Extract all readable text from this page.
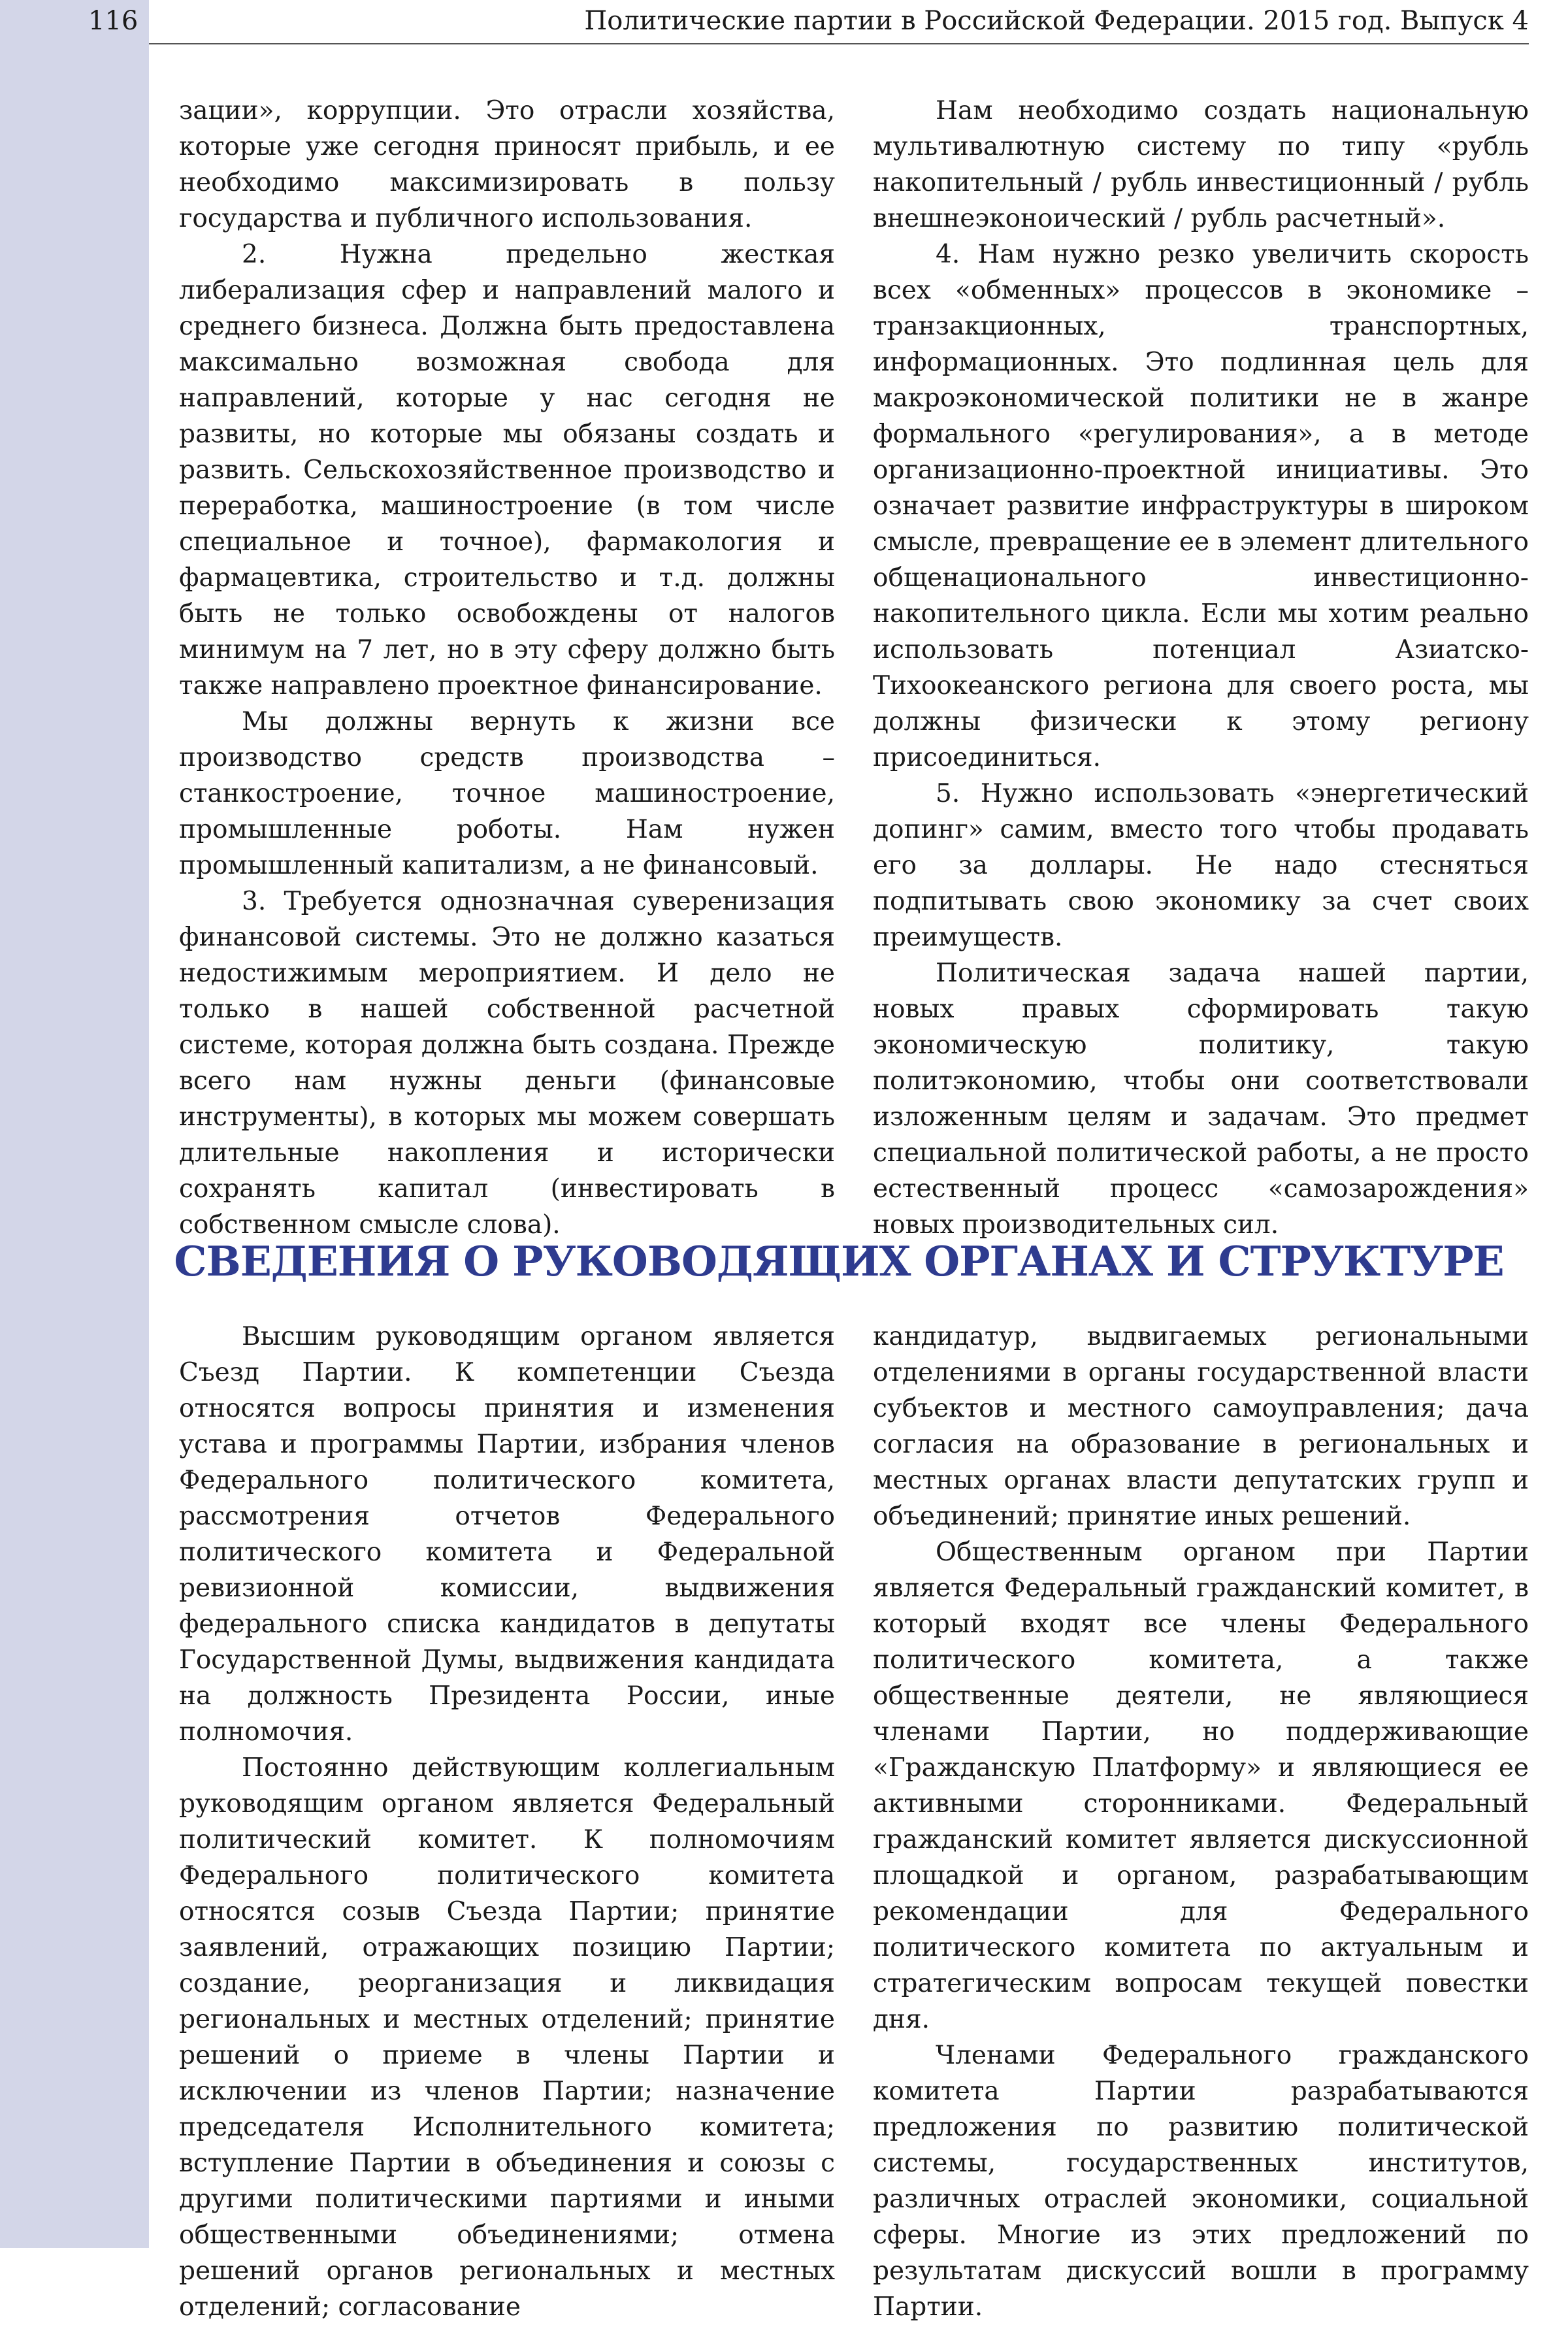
116	Политические партии в Российской Федерации. 2015 год. Выпуск 4

зации», коррупции. Это отрасли хозяйства, которые уже сегодня приносят прибыль, и ее необходимо максимизировать в пользу государства и публичного использования.

2. Нужна предельно жесткая либерализация сфер и направлений малого и среднего бизнеса. Должна быть предоставлена максимально возможная свобода для направлений, которые у нас сегодня не развиты, но которые мы обязаны создать и развить. Сельскохозяйственное производство и переработка, машиностроение (в том числе специальное и точное), фармакология и фармацевтика, строительство и т.д. должны быть не только освобождены от налогов минимум на 7 лет, но в эту сферу должно быть также направлено проектное финансирование.

Мы должны вернуть к жизни все производство средств производства – станкостроение, точное машиностроение, промышленные роботы. Нам нужен промышленный капитализм, а не финансовый.

3. Требуется однозначная суверенизация финансовой системы. Это не должно казаться недостижимым мероприятием. И дело не только в нашей собственной расчетной системе, которая должна быть создана. Прежде всего нам нужны деньги (финансовые инструменты), в которых мы можем совершать длительные накопления и исторически сохранять капитал (инвестировать в собственном смысле слова).

Нам необходимо создать национальную мультивалютную систему по типу «рубль накопительный / рубль инвестиционный / рубль внешнеэконоический / рубль расчетный».

4. Нам нужно резко увеличить скорость всех «обменных» процессов в экономике – транзакционных, транспортных, информационных. Это подлинная цель для макроэкономической политики не в жанре формального «регулирования», а в методе организационно-проектной инициативы. Это означает развитие инфраструктуры в широком смысле, превращение ее в элемент длительного общенационального инвестиционно-накопительного цикла. Если мы хотим реально использовать потенциал Азиатско-Тихоокеанского региона для своего роста, мы должны физически к этому региону присоединиться.

5. Нужно использовать «энергетический допинг» самим, вместо того чтобы продавать его за доллары. Не надо стесняться подпитывать свою экономику за счет своих преимуществ.

Политическая задача нашей партии, новых правых сформировать такую экономическую политику, такую политэкономию, чтобы они соответствовали изложенным целям и задачам. Это предмет специальной политической работы, а не просто естественный процесс «самозарождения» новых производительных сил.

СВЕДЕНИЯ О РУКОВОДЯЩИХ ОРГАНАХ И СТРУКТУРЕ

Высшим руководящим органом является Съезд Партии. К компетенции Съезда относятся вопросы принятия и изменения устава и программы Партии, избрания членов Федерального политического комитета, рассмотрения отчетов Федерального политического комитета и Федеральной ревизионной комиссии, выдвижения федерального списка кандидатов в депутаты Государственной Думы, выдвижения кандидата на должность Президента России, иные полномочия.

Постоянно действующим коллегиальным руководящим органом является Федеральный политический комитет. К полномочиям Федерального политического комитета относятся созыв Съезда Партии; принятие заявлений, отражающих позицию Партии; создание, реорганизация и ликвидация региональных и местных отделений; принятие решений о приеме в члены Партии и исключении из членов Партии; назначение председателя Исполнительного комитета; вступление Партии в объединения и союзы с другими политическими партиями и иными общественными объединениями; отмена решений органов региональных и местных отделений; согласование

кандидатур, выдвигаемых региональными отделениями в органы государственной власти субъектов и местного самоуправления; дача согласия на образование в региональных и местных органах власти депутатских групп и объединений; принятие иных решений.

Общественным органом при Партии является Федеральный гражданский комитет, в который входят все члены Федерального политического комитета, а также общественные деятели, не являющиеся членами Партии, но поддерживающие «Гражданскую Платформу» и являющиеся ее активными сторонниками. Федеральный гражданский комитет является дискуссионной площадкой и органом, разрабатывающим рекомендации для Федерального политического комитета по актуальным и стратегическим вопросам текущей повестки дня.

Членами Федерального гражданского комитета Партии разрабатываются предложения по развитию политической системы, государственных институтов, различных отраслей экономики, социальной сферы. Многие из этих предложений по результатам дискуссий вошли в программу Партии.
